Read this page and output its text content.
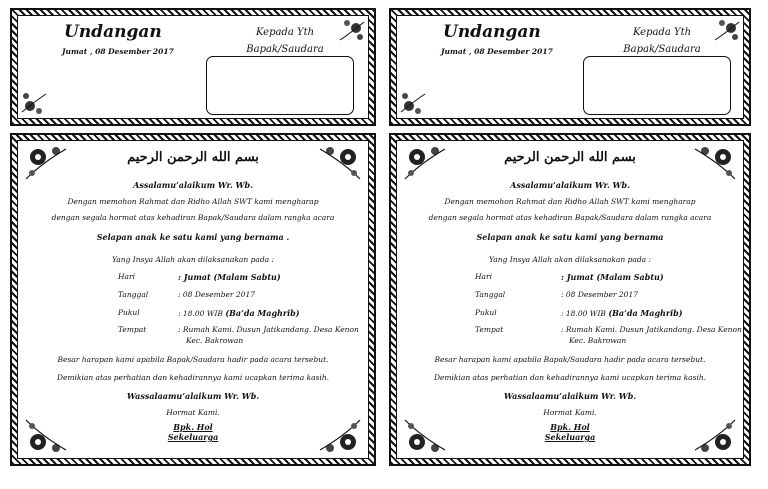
Undangan
Jumat , 08 Desember 2017
Kepada Yth
Bapak/Saudara
Undangan
Jumat , 08 Desember 2017
Kepada Yth
Bapak/Saudara
بسم الله الرحمن الرحيم
Assalamu’alaikum Wr. Wb.
Dengan memohon Rahmat dan Ridho Allah SWT kami mengharap
dengan segala hormat atas kehadiran Bapak/Saudara dalam rangka acara
Selapan anak ke satu kami yang bernama .
Yang Insya Allah akan dilaksanakan pada :
Hari	: Jumat (Malam Sabtu)
Tanggal	: 08 Desember 2017
Pukul	: 18.00 WIB (Ba’da Maghrib)
Tempat	: Rumah Kami. Dusun Jatikandang. Desa Kenon
Kec. Bakrowan
Besar harapan kami apabila Bapak/Saudara hadir pada acara tersebut.
Demikian atas perhatian dan kehadirannya kami ucapkan terima kasih.
Wassalaamu’alaikum Wr. Wb.
Hormat Kami.
Bpk. Hol
Sekeluarga
بسم الله الرحمن الرحيم
Assalamu’alaikum Wr. Wb.
Dengan memohon Rahmat dan Ridho Allah SWT kami mengharap
dengan segala hormat atas kehadiran Bapak/Saudara dalam rangka acara
Selapan anak ke satu kami yang bernama
Yang Insya Allah akan dilaksanakan pada :
Hari	: Jumat (Malam Sabtu)
Tanggal	: 08 Desember 2017
Pukul	: 18.00 WIB (Ba’da Maghrib)
Tempat	: Rumah Kami. Dusun Jatikandang. Desa Kenon
Kec. Bakrowan
Besar harapan kami apabila Bapak/Saudara hadir pada acara tersebut.
Demikian atas perhatian dan kehadirannya kami ucapkan terima kasih.
Wassalaamu’alaikum Wr. Wb.
Hormat Kami.
Bpk. Hol
Sekeluarga
